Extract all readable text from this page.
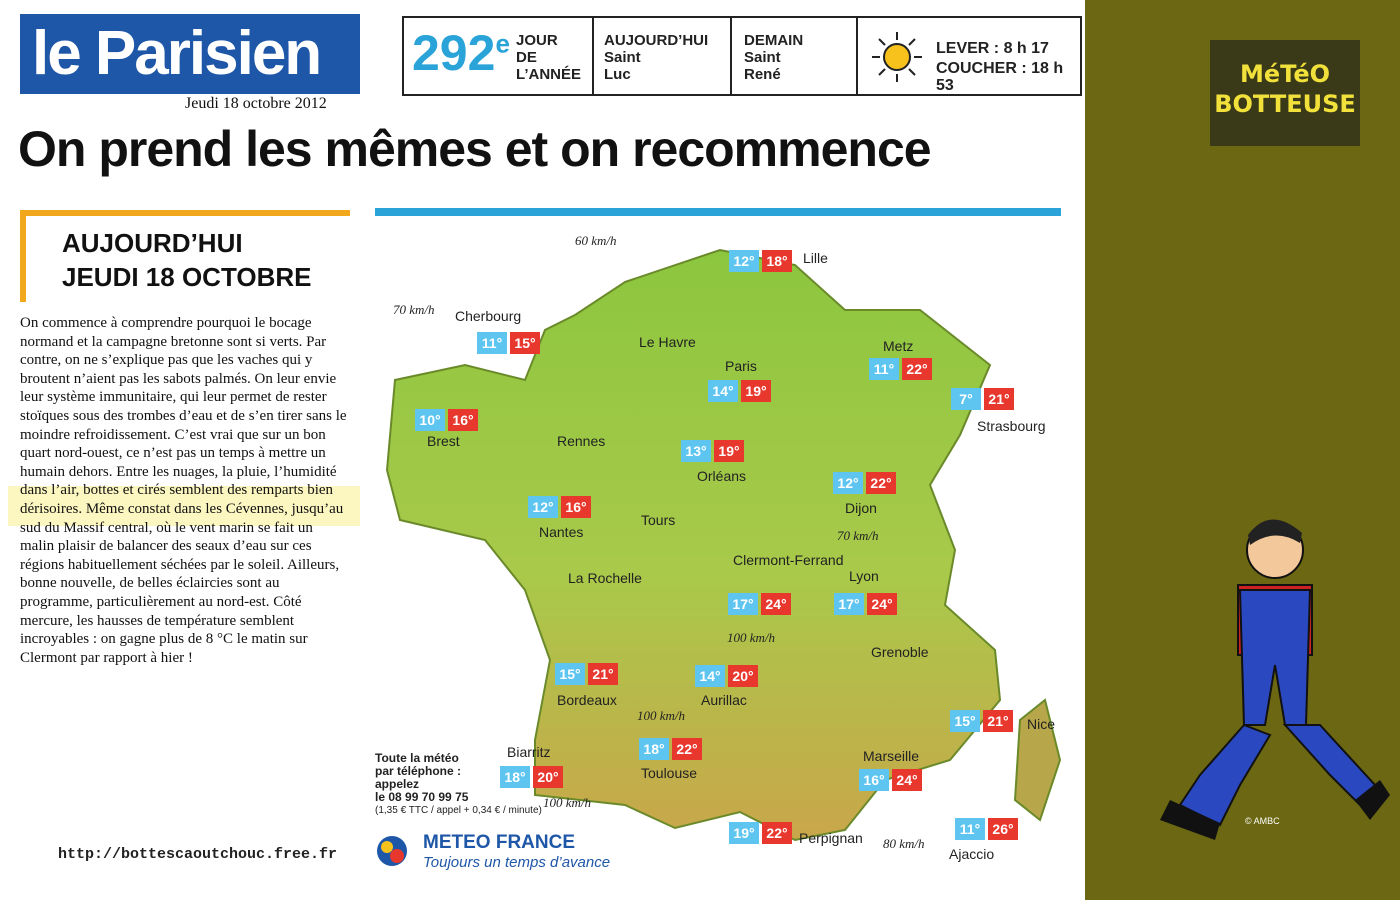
le Parisien
Jeudi 18 octobre 2012
292e JOUR
DE
L’ANNÉE
AUJOURD’HUI
Saint
Luc
DEMAIN
Saint
René
LEVER : 8 h 17
COUCHER : 18 h 53
On prend les mêmes et on recommence
AUJOURD’HUI
JEUDI 18 OCTOBRE
On commence à comprendre pourquoi le bocage normand et la campagne bretonne sont si verts. Par contre, on ne s’explique pas que les vaches qui y broutent n’aient pas les sabots palmés. On leur envie leur système immunitaire, qui leur permet de rester stoïques sous des trombes d’eau et de s’en tirer sans le moindre refroidissement. C’est vrai que sur un bon quart nord-ouest, ce n’est pas un temps à mettre un humain dehors. Entre les nuages, la pluie, l’humidité dans l’air, bottes et cirés semblent des remparts bien dérisoires. Même constat dans les Cévennes, jusqu’au sud du Massif central, où le vent marin se fait un malin plaisir de balancer des seaux d’eau sur ces régions habituellement séchées par le soleil. Ailleurs, bonne nouvelle, de belles éclaircies sont au programme, particulièrement au nord-est. Côté mercure, les hausses de température semblent incroyables : on gagne plus de 8 °C le matin sur Clermont par rapport à hier !
http://bottescaoutchouc.free.fr
60 km/h
70 km/h
70 km/h
100 km/h
100 km/h
100 km/h
80 km/h
Lille
12° 18°
Cherbourg
11° 15°
Paris
14° 19°
Metz
11° 22°
Strasbourg
7°	21°
Brest
10° 16°
Orléans
13° 19°
Nantes
12° 16°	Dijon
12° 22°
Clermont-Ferrand
17° 24°
Lyon
17° 24°
Bordeaux
15° 21°
Aurillac
14° 20°
Nice
15° 21°
Biarritz
18° 20°	Toulouse
18° 22°	Marseille
16° 24°
Perpignan
19° 22°
Ajaccio
11° 26°
Le Havre
Rennes
Tours
La Rochelle
Grenoble
Toute la météo
par téléphone :
appelez
le 08 99 70 99 75
(1,35 € TTC / appel + 0,34 € / minute)
METEO FRANCE
Toujours un temps d’avance
MéTéO
BOTTEUSE
© AMBC
